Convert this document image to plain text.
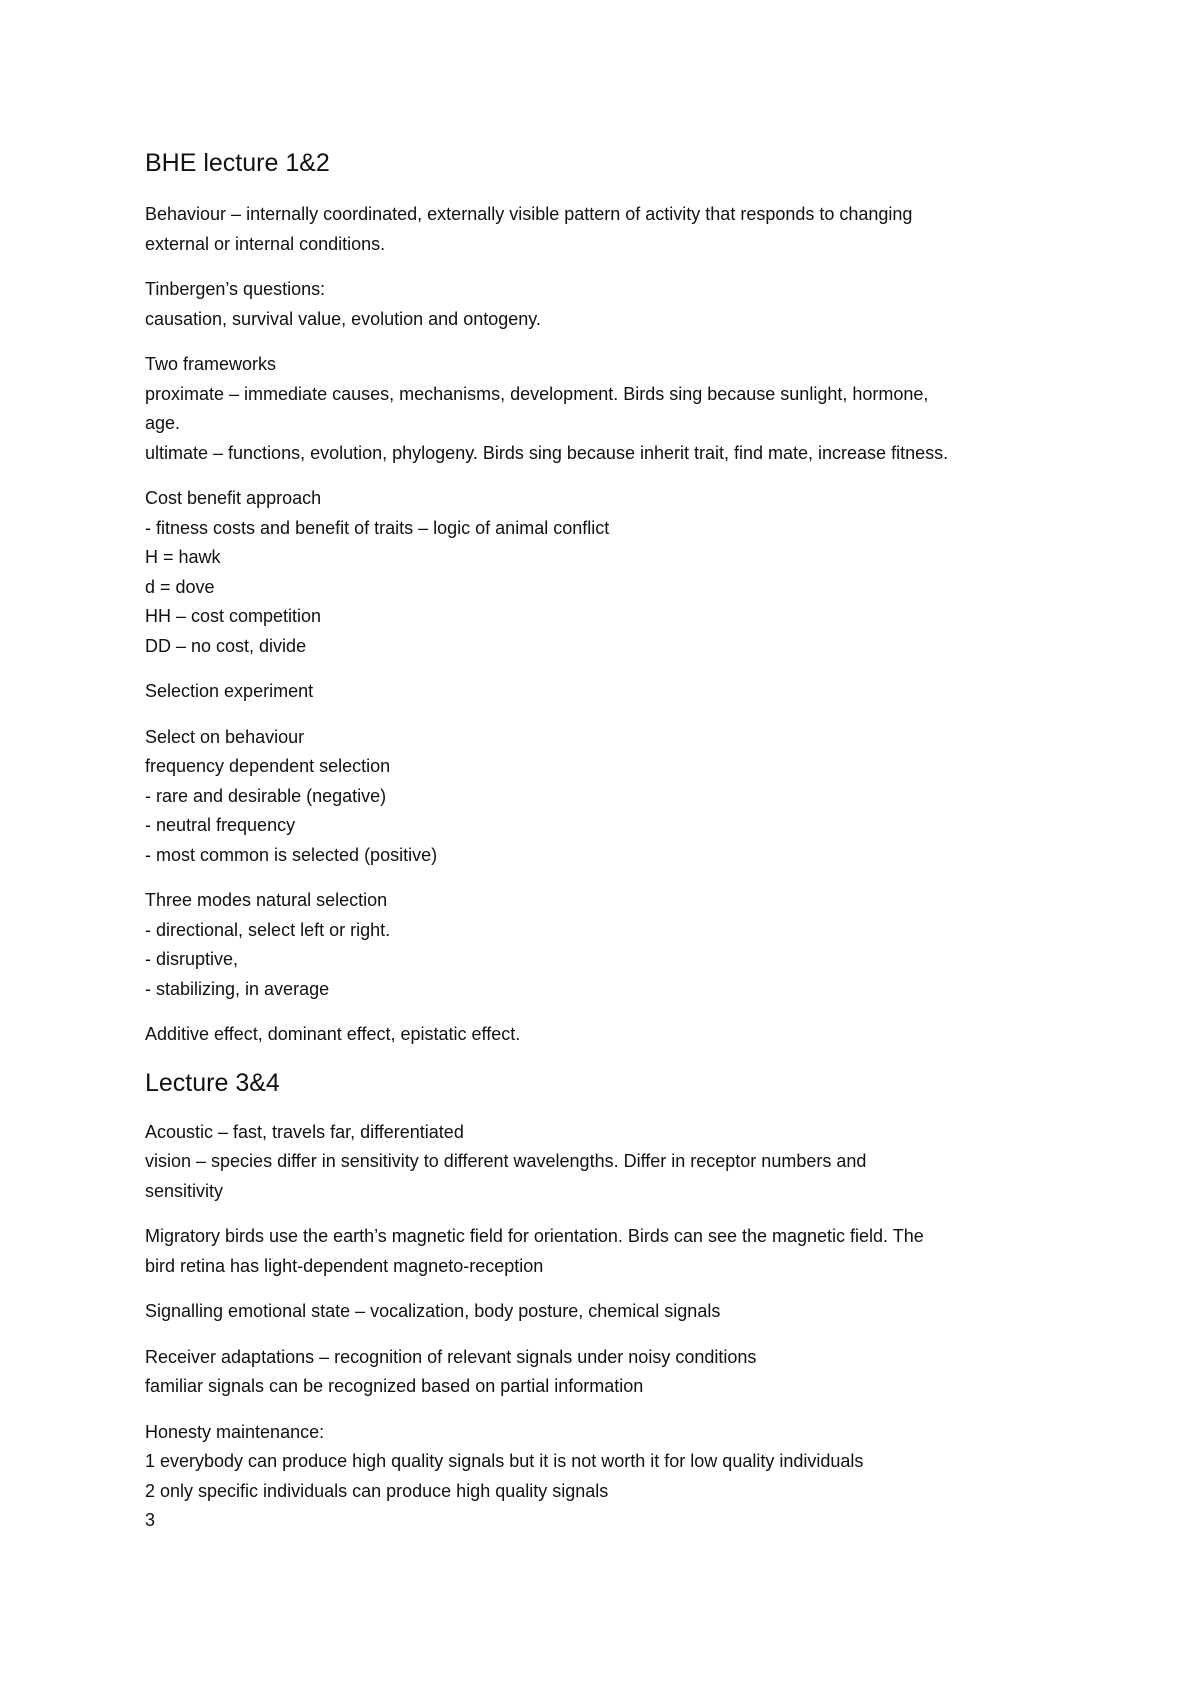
BHE lecture 1&2

Behaviour – internally coordinated, externally visible pattern of activity that responds to changing
external or internal conditions.

Tinbergen’s questions:
causation, survival value, evolution and ontogeny.

Two frameworks
proximate – immediate causes, mechanisms, development. Birds sing because sunlight, hormone,
age.
ultimate – functions, evolution, phylogeny. Birds sing because inherit trait, find mate, increase fitness.

Cost benefit approach
- fitness costs and benefit of traits – logic of animal conflict
H = hawk
d = dove
HH – cost competition
DD – no cost, divide

Selection experiment

Select on behaviour
frequency dependent selection
- rare and desirable (negative)
- neutral frequency
- most common is selected (positive)

Three modes natural selection
- directional, select left or right.
- disruptive,
- stabilizing, in average

Additive effect, dominant effect, epistatic effect.

Lecture 3&4

Acoustic – fast, travels far, differentiated
vision – species differ in sensitivity to different wavelengths. Differ in receptor numbers and
sensitivity

Migratory birds use the earth’s magnetic field for orientation. Birds can see the magnetic field. The
bird retina has light-dependent magneto-reception

Signalling emotional state – vocalization, body posture, chemical signals

Receiver adaptations – recognition of relevant signals under noisy conditions
familiar signals can be recognized based on partial information

Honesty maintenance:
1 everybody can produce high quality signals but it is not worth it for low quality individuals
2 only specific individuals can produce high quality signals
3
